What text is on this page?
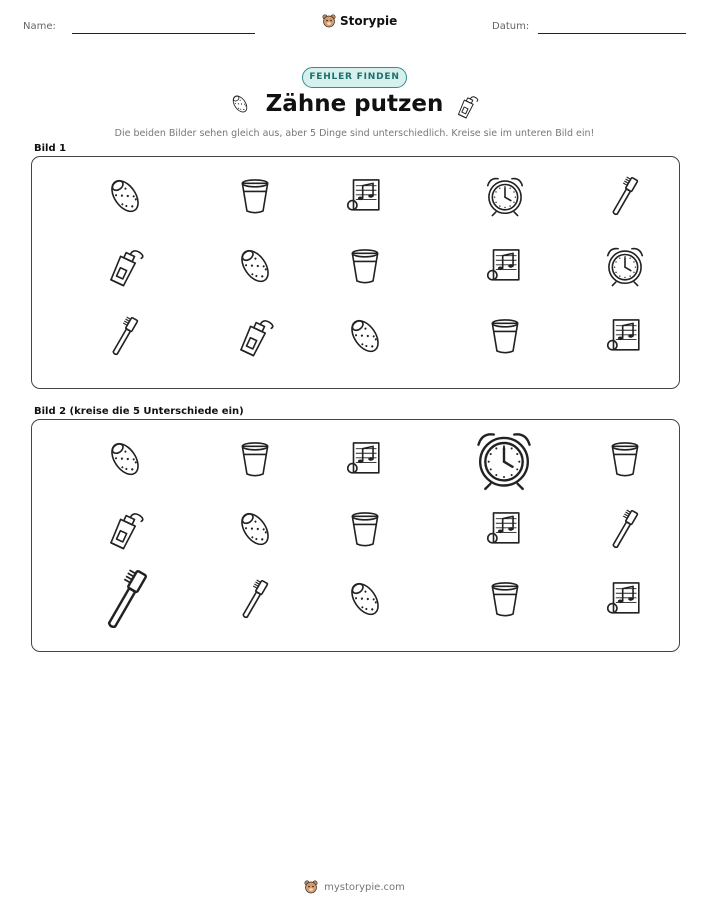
Name:	Storypie	Datum:
FEHLER FINDEN
Zähne putzen
Die beiden Bilder sehen gleich aus, aber 5 Dinge sind unterschiedlich. Kreise sie im unteren Bild ein!
Bild 1
Bild 2 (kreise die 5 Unterschiede ein)
mystorypie.com
